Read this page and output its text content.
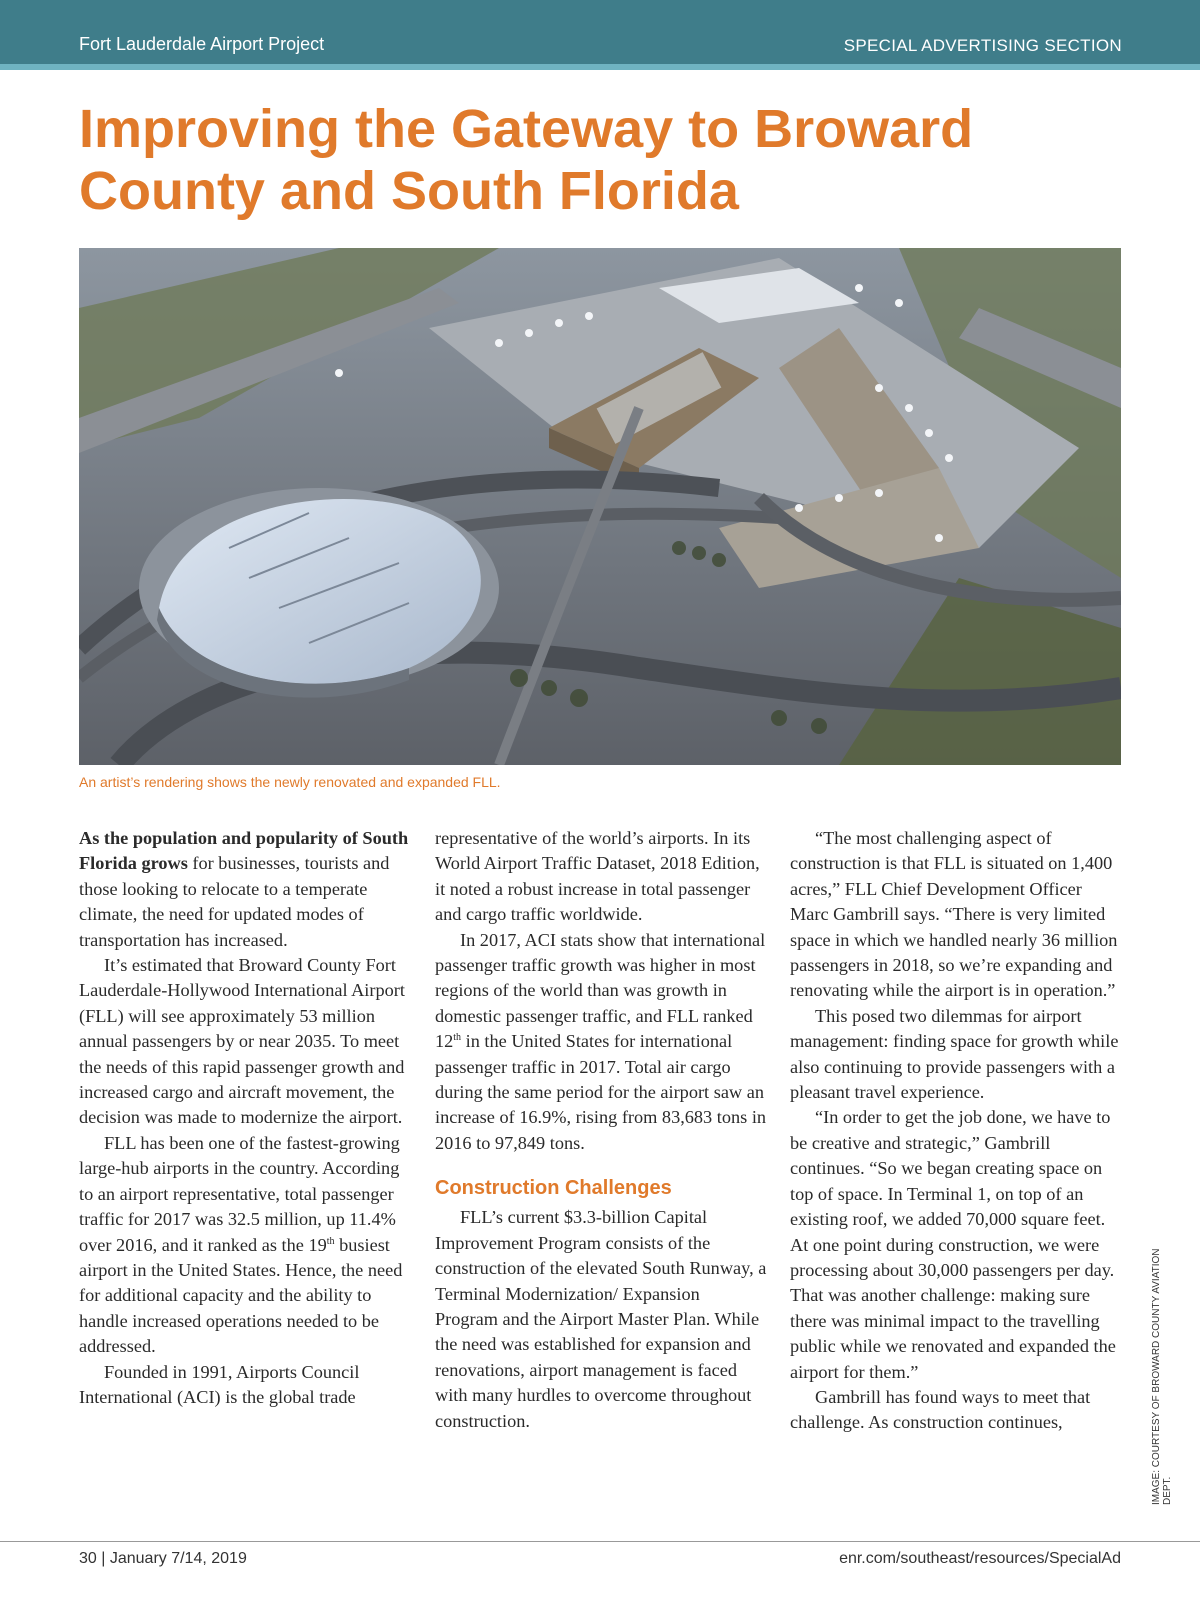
Fort Lauderdale Airport Project	SPECIAL ADVERTISING SECTION
Improving the Gateway to Broward County and South Florida
An artist’s rendering shows the newly renovated and expanded FLL.

As the population and popularity of South Florida grows for businesses, tourists and those looking to relocate to a temperate climate, the need for updated modes of transportation has increased.

It’s estimated that Broward County Fort Lauderdale-Hollywood International Airport (FLL) will see approximately 53 million annual passengers by or near 2035. To meet the needs of this rapid passenger growth and increased cargo and aircraft movement, the decision was made to modernize the airport.

FLL has been one of the fastest-growing large-hub airports in the country. According to an airport representative, total passenger traffic for 2017 was 32.5 million, up 11.4% over 2016, and it ranked as the 19th busiest airport in the United States. Hence, the need for additional capacity and the ability to handle increased operations needed to be addressed.

Founded in 1991, Airports Council International (ACI) is the global trade

representative of the world’s airports. In its World Airport Traffic Dataset, 2018 Edition, it noted a robust increase in total passenger and cargo traffic worldwide.

In 2017, ACI stats show that international passenger traffic growth was higher in most regions of the world than was growth in domestic passenger traffic, and FLL ranked 12th in the United States for international passenger traffic in 2017. Total air cargo during the same period for the airport saw an increase of 16.9%, rising from 83,683 tons in 2016 to 97,849 tons.

Construction Challenges

FLL’s current $3.3-billion Capital Improvement Program consists of the construction of the elevated South Runway, a Terminal Modernization/ Expansion Program and the Airport Master Plan. While the need was established for expansion and renovations, airport management is faced with many hurdles to overcome throughout construction.

“The most challenging aspect of construction is that FLL is situated on 1,400 acres,” FLL Chief Development Officer Marc Gambrill says. “There is very limited space in which we handled nearly 36 million passengers in 2018, so we’re expanding and renovating while the airport is in operation.”

This posed two dilemmas for airport management: finding space for growth while also continuing to provide passengers with a pleasant travel experience.

“In order to get the job done, we have to be creative and strategic,” Gambrill continues. “So we began creating space on top of space. In Terminal 1, on top of an existing roof, we added 70,000 square feet. At one point during construction, we were processing about 30,000 passengers per day. That was another challenge: making sure there was minimal impact to the travelling public while we renovated and expanded the airport for them.”

Gambrill has found ways to meet that challenge. As construction continues,	IMAGE: COURTESY OF BROWARD COUNTY AVIATION DEPT.
30 | January 7/14, 2019	enr.com/southeast/resources/SpecialAd
